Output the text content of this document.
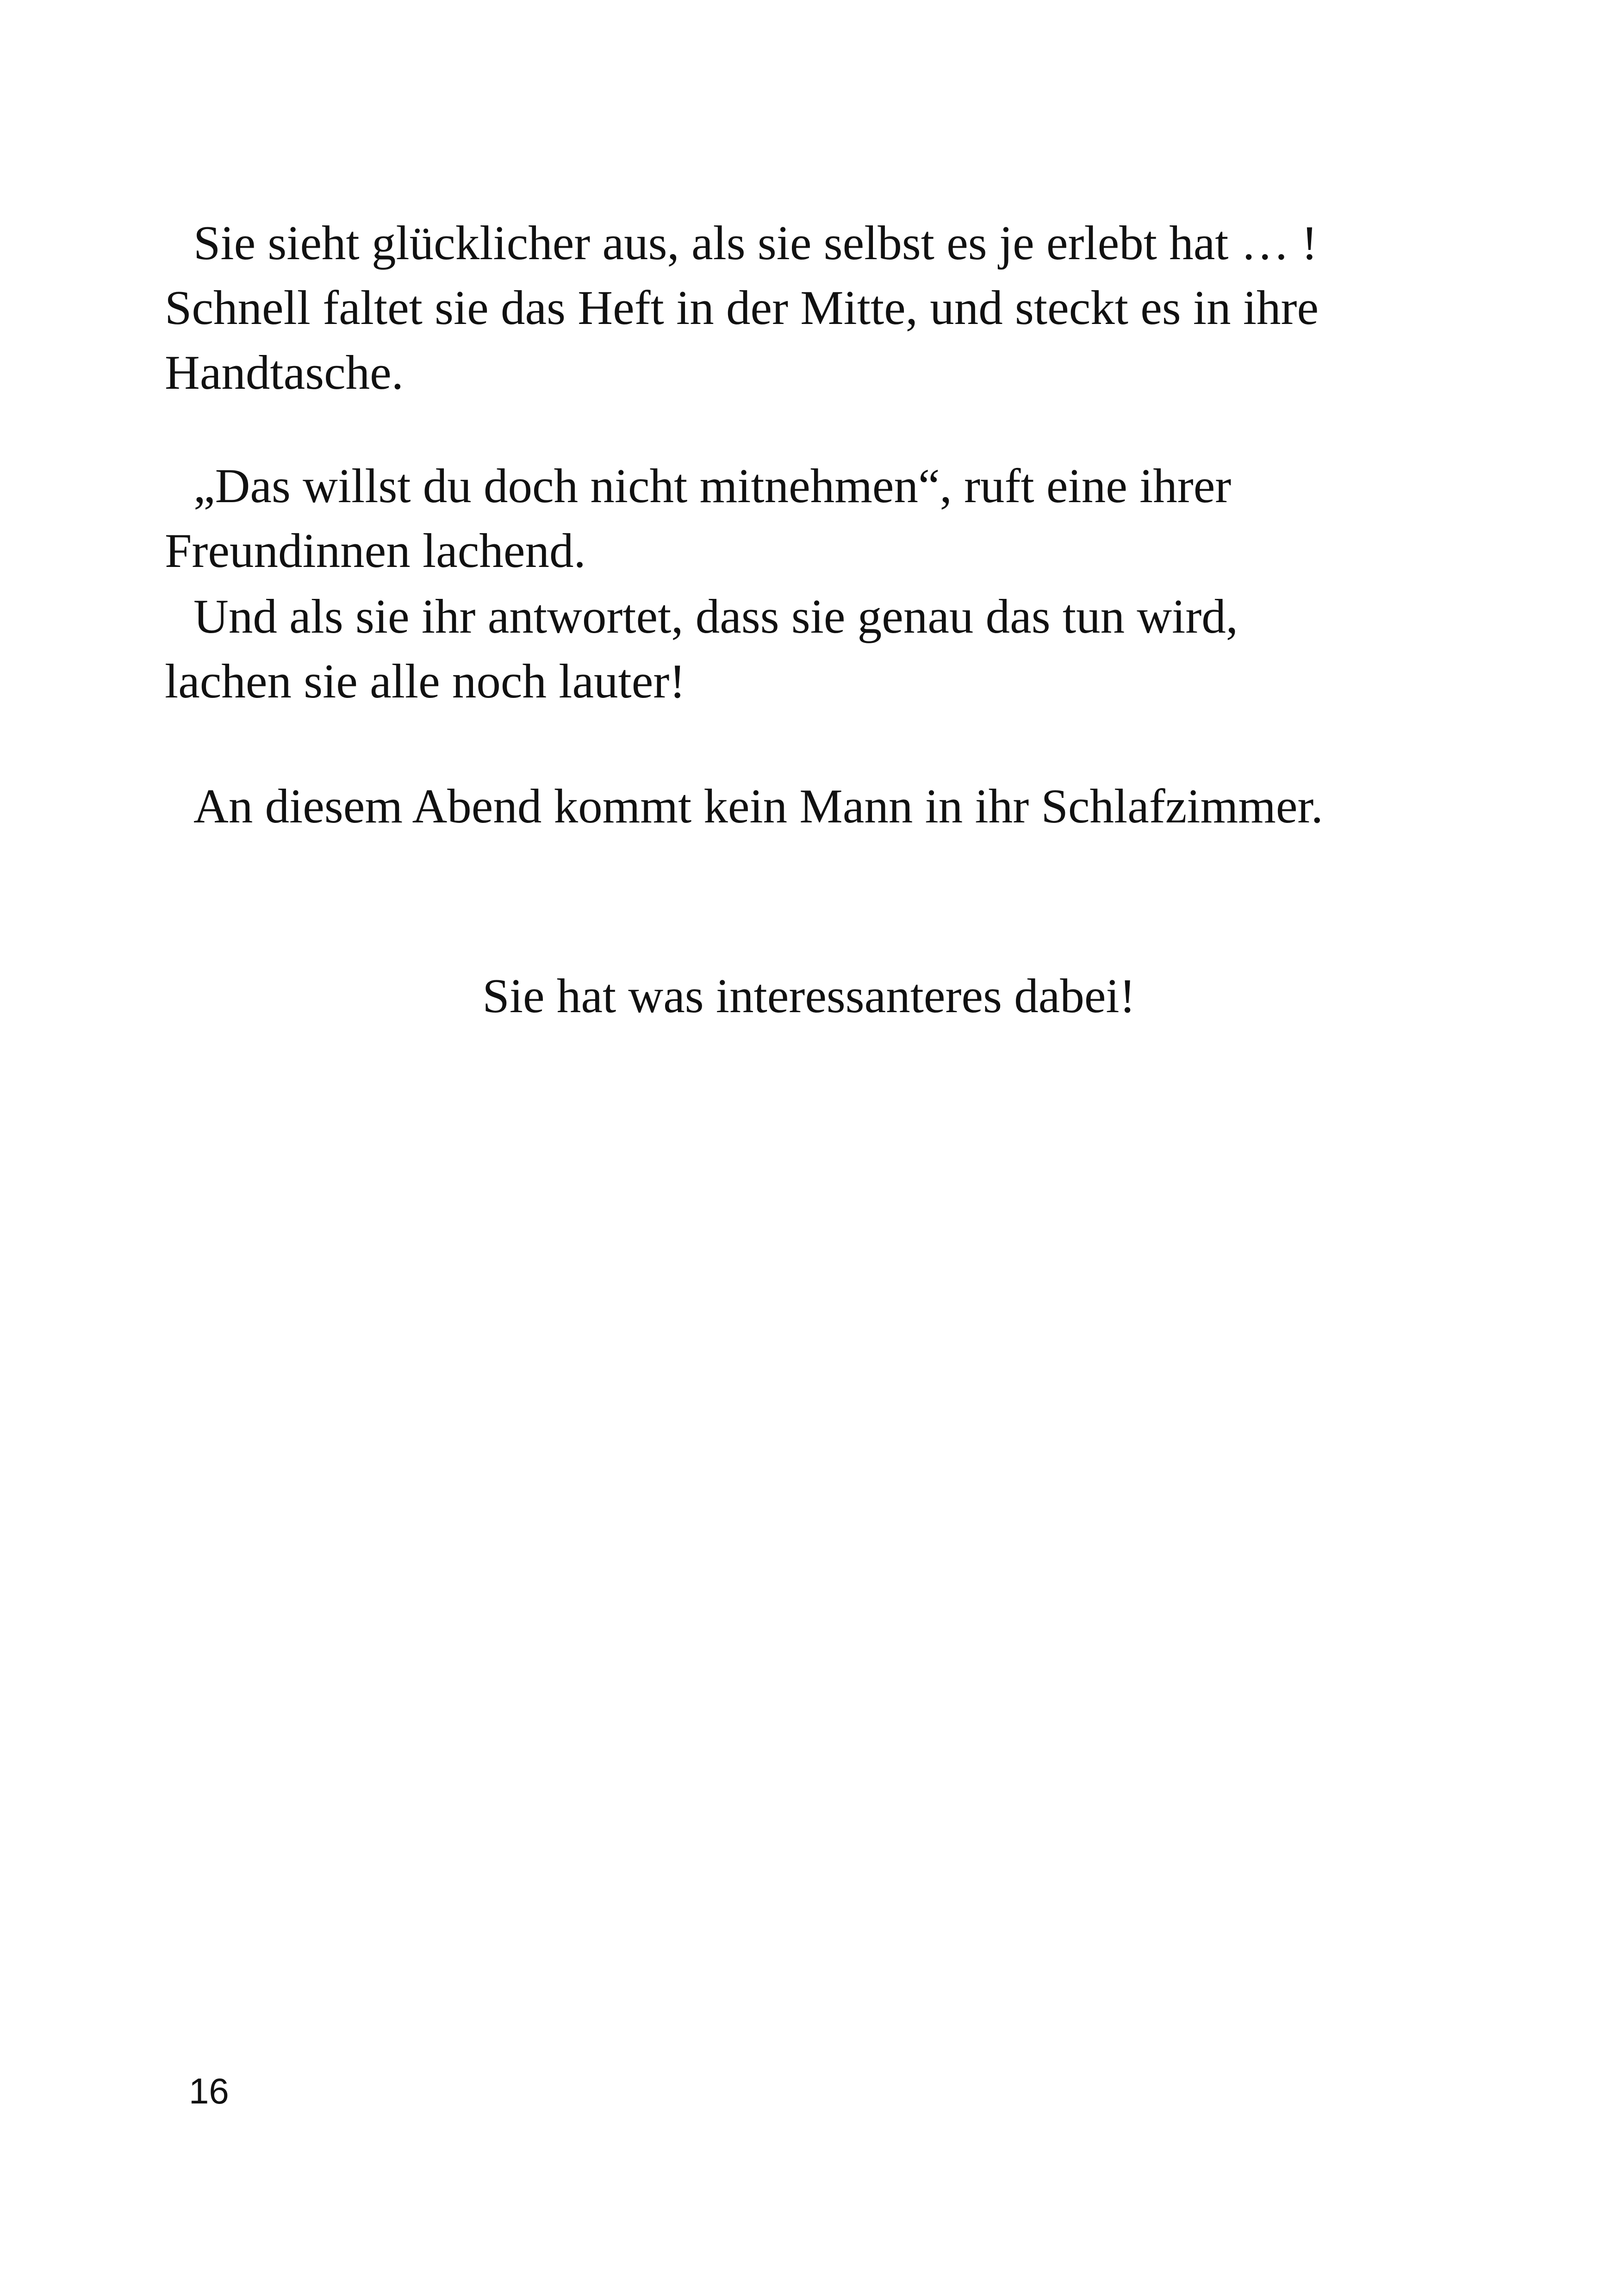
Sie sieht glücklicher aus, als sie selbst es je erlebt hat … !
Schnell faltet sie das Heft in der Mitte, und steckt es in ihre
Handtasche.
„Das willst du doch nicht mitnehmen“, ruft eine ihrer
Freundinnen lachend.
Und als sie ihr antwortet, dass sie genau das tun wird,
lachen sie alle noch lauter!
An diesem Abend kommt kein Mann in ihr Schlafzimmer.
Sie hat was interessanteres dabei!
16
